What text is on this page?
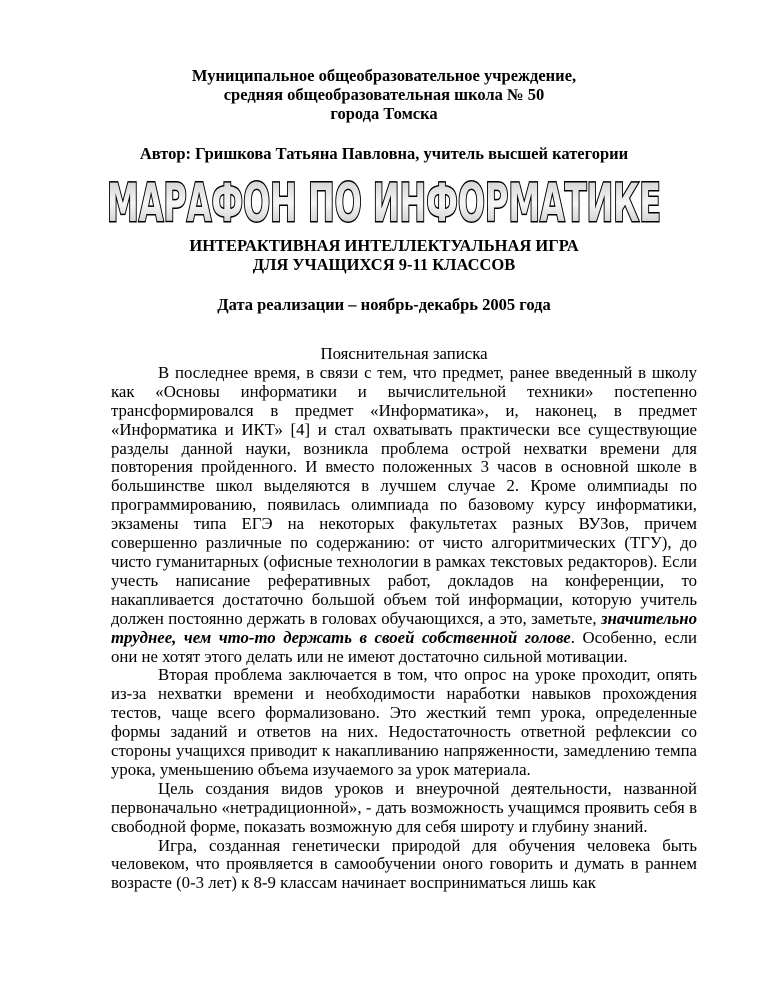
Муниципальное общеобразовательное учреждение,
средняя общеобразовательная школа № 50
города Томска
Автор: Гришкова Татьяна Павловна, учитель высшей категории
МАРАФОН ПО ИНФОРМАТИКЕ
ИНТЕРАКТИВНАЯ ИНТЕЛЛЕКТУАЛЬНАЯ ИГРА
ДЛЯ УЧАЩИХСЯ 9-11 КЛАССОВ
Дата реализации – ноябрь-декабрь 2005 года
Пояснительная записка
В последнее время, в связи с тем, что предмет, ранее введенный в школу как «Основы информатики и вычислительной техники» постепенно трансформировался в предмет «Информатика», и, наконец, в предмет «Информатика и ИКТ» [4] и стал охватывать практически все существующие разделы данной науки, возникла проблема острой нехватки времени для повторения пройденного. И вместо положенных 3 часов в основной школе в большинстве школ выделяются в лучшем случае 2. Кроме олимпиады по программированию, появилась олимпиада по базовому курсу информатики, экзамены типа ЕГЭ на некоторых факультетах разных ВУЗов, причем совершенно различные по содержанию: от чисто алгоритмических (ТГУ), до чисто гуманитарных (офисные технологии в рамках текстовых редакторов). Если учесть написание реферативных работ, докладов на конференции, то накапливается достаточно большой объем той информации, которую учитель должен постоянно держать в головах обучающихся, а это, заметьте, значительно труднее, чем что-то держать в своей собственной голове. Особенно, если они не хотят этого делать или не имеют достаточно сильной мотивации.
Вторая проблема заключается в том, что опрос на уроке проходит, опять из-за нехватки времени и необходимости наработки навыков прохождения тестов, чаще всего формализовано. Это жесткий темп урока, определенные формы заданий и ответов на них. Недостаточность ответной рефлексии со стороны учащихся приводит к накапливанию напряженности, замедлению темпа урока, уменьшению объема изучаемого за урок материала.
Цель создания видов уроков и внеурочной деятельности, названной первоначально «нетрадиционной», - дать возможность учащимся проявить себя в свободной форме, показать возможную для себя широту и глубину знаний.
Игра, созданная генетически природой для обучения человека быть человеком, что проявляется в самообучении оного говорить и думать в раннем возрасте (0-3 лет) к 8-9 классам начинает восприниматься лишь как
